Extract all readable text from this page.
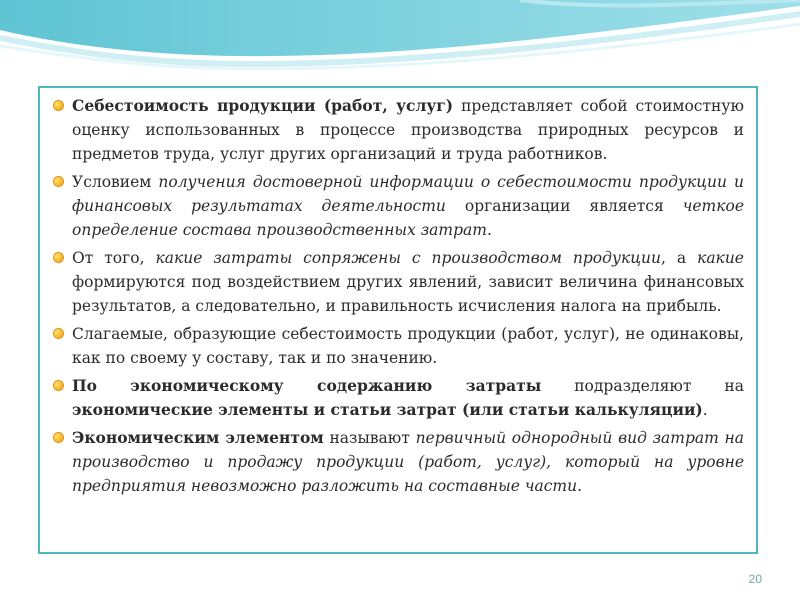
Себестоимость продукции (работ, услуг) представляет собой стоимостную оценку использованных в процессе производства природных ресурсов и предметов труда, услуг других организаций и труда работников.
Условием получения достоверной информации о себестоимости продукции и финансовых результатах деятельности организации является четкое определение состава производственных затрат.
От того, какие затраты сопряжены с производством продукции, а какие формируются под воздействием других явлений, зависит величина финансовых результатов, а следовательно, и правильность исчисления налога на прибыль.
Слагаемые, образующие себестоимость продукции (работ, услуг), не одинаковы, как по своему у составу, так и по значению.
По экономическому содержанию затраты подразделяют на экономические элементы и статьи затрат (или статьи калькуляции).
Экономическим элементом называют первичный однородный вид затрат на производство и продажу продукции (работ, услуг), который на уровне предприятия невозможно разложить на составные части.
20
